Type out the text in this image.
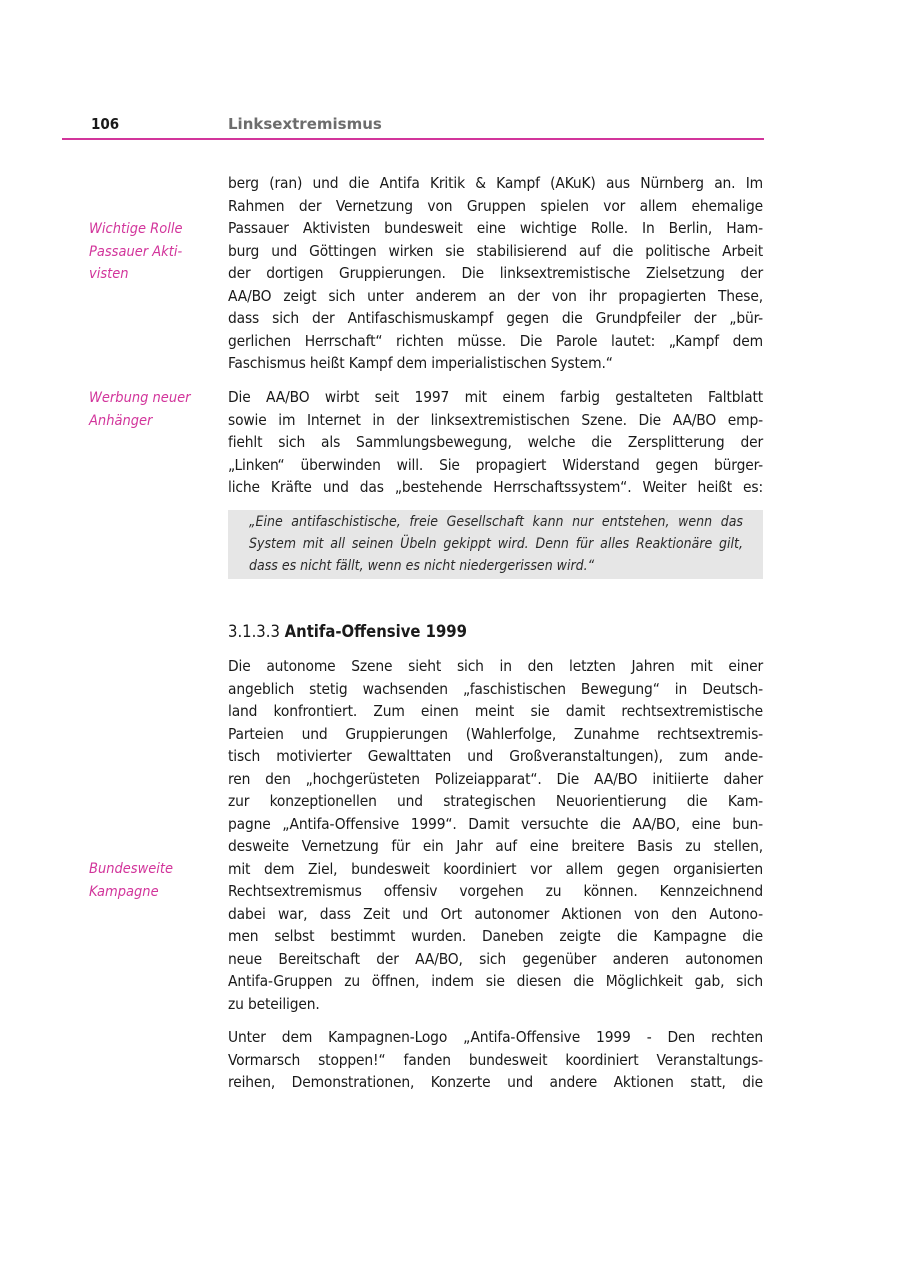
106	Linksextremismus
Wichtige Rolle
Passauer Akti-
visten
Werbung neuer
Anhänger
Bundesweite
Kampagne
berg (ran) und die Antifa Kritik & Kampf (AKuK) aus Nürnberg an. Im
Rahmen der Vernetzung von Gruppen spielen vor allem ehemalige
Passauer Aktivisten bundesweit eine wichtige Rolle. In Berlin, Ham-
burg und Göttingen wirken sie stabilisierend auf die politische Arbeit
der dortigen Gruppierungen. Die linksextremistische Zielsetzung der
AA/BO zeigt sich unter anderem an der von ihr propagierten These,
dass sich der Antifaschismuskampf gegen die Grundpfeiler der „bür-
gerlichen Herrschaft“ richten müsse. Die Parole lautet: „Kampf dem
Faschismus heißt Kampf dem imperialistischen System.“
Die AA/BO wirbt seit 1997 mit einem farbig gestalteten Faltblatt
sowie im Internet in der linksextremistischen Szene. Die AA/BO emp-
fiehlt sich als Sammlungsbewegung, welche die Zersplitterung der
„Linken“ überwinden will. Sie propagiert Widerstand gegen bürger-
liche Kräfte und das „bestehende Herrschaftssystem“. Weiter heißt es:
„Eine antifaschistische, freie Gesellschaft kann nur entstehen, wenn das
System mit all seinen Übeln gekippt wird. Denn für alles Reaktionäre gilt,
dass es nicht fällt, wenn es nicht niedergerissen wird.“
3.1.3.3 Antifa-Offensive 1999
Die autonome Szene sieht sich in den letzten Jahren mit einer
angeblich stetig wachsenden „faschistischen Bewegung“ in Deutsch-
land konfrontiert. Zum einen meint sie damit rechtsextremistische
Parteien und Gruppierungen (Wahlerfolge, Zunahme rechtsextremis-
tisch motivierter Gewalttaten und Großveranstaltungen), zum ande-
ren den „hochgerüsteten Polizeiapparat“. Die AA/BO initiierte daher
zur konzeptionellen und strategischen Neuorientierung die Kam-
pagne „Antifa-Offensive 1999“. Damit versuchte die AA/BO, eine bun-
desweite Vernetzung für ein Jahr auf eine breitere Basis zu stellen,
mit dem Ziel, bundesweit koordiniert vor allem gegen organisierten
Rechtsextremismus offensiv vorgehen zu können. Kennzeichnend
dabei war, dass Zeit und Ort autonomer Aktionen von den Autono-
men selbst bestimmt wurden. Daneben zeigte die Kampagne die
neue Bereitschaft der AA/BO, sich gegenüber anderen autonomen
Antifa-Gruppen zu öffnen, indem sie diesen die Möglichkeit gab, sich
zu beteiligen.
Unter dem Kampagnen-Logo „Antifa-Offensive 1999 - Den rechten
Vormarsch stoppen!“ fanden bundesweit koordiniert Veranstaltungs-
reihen, Demonstrationen, Konzerte und andere Aktionen statt, die
